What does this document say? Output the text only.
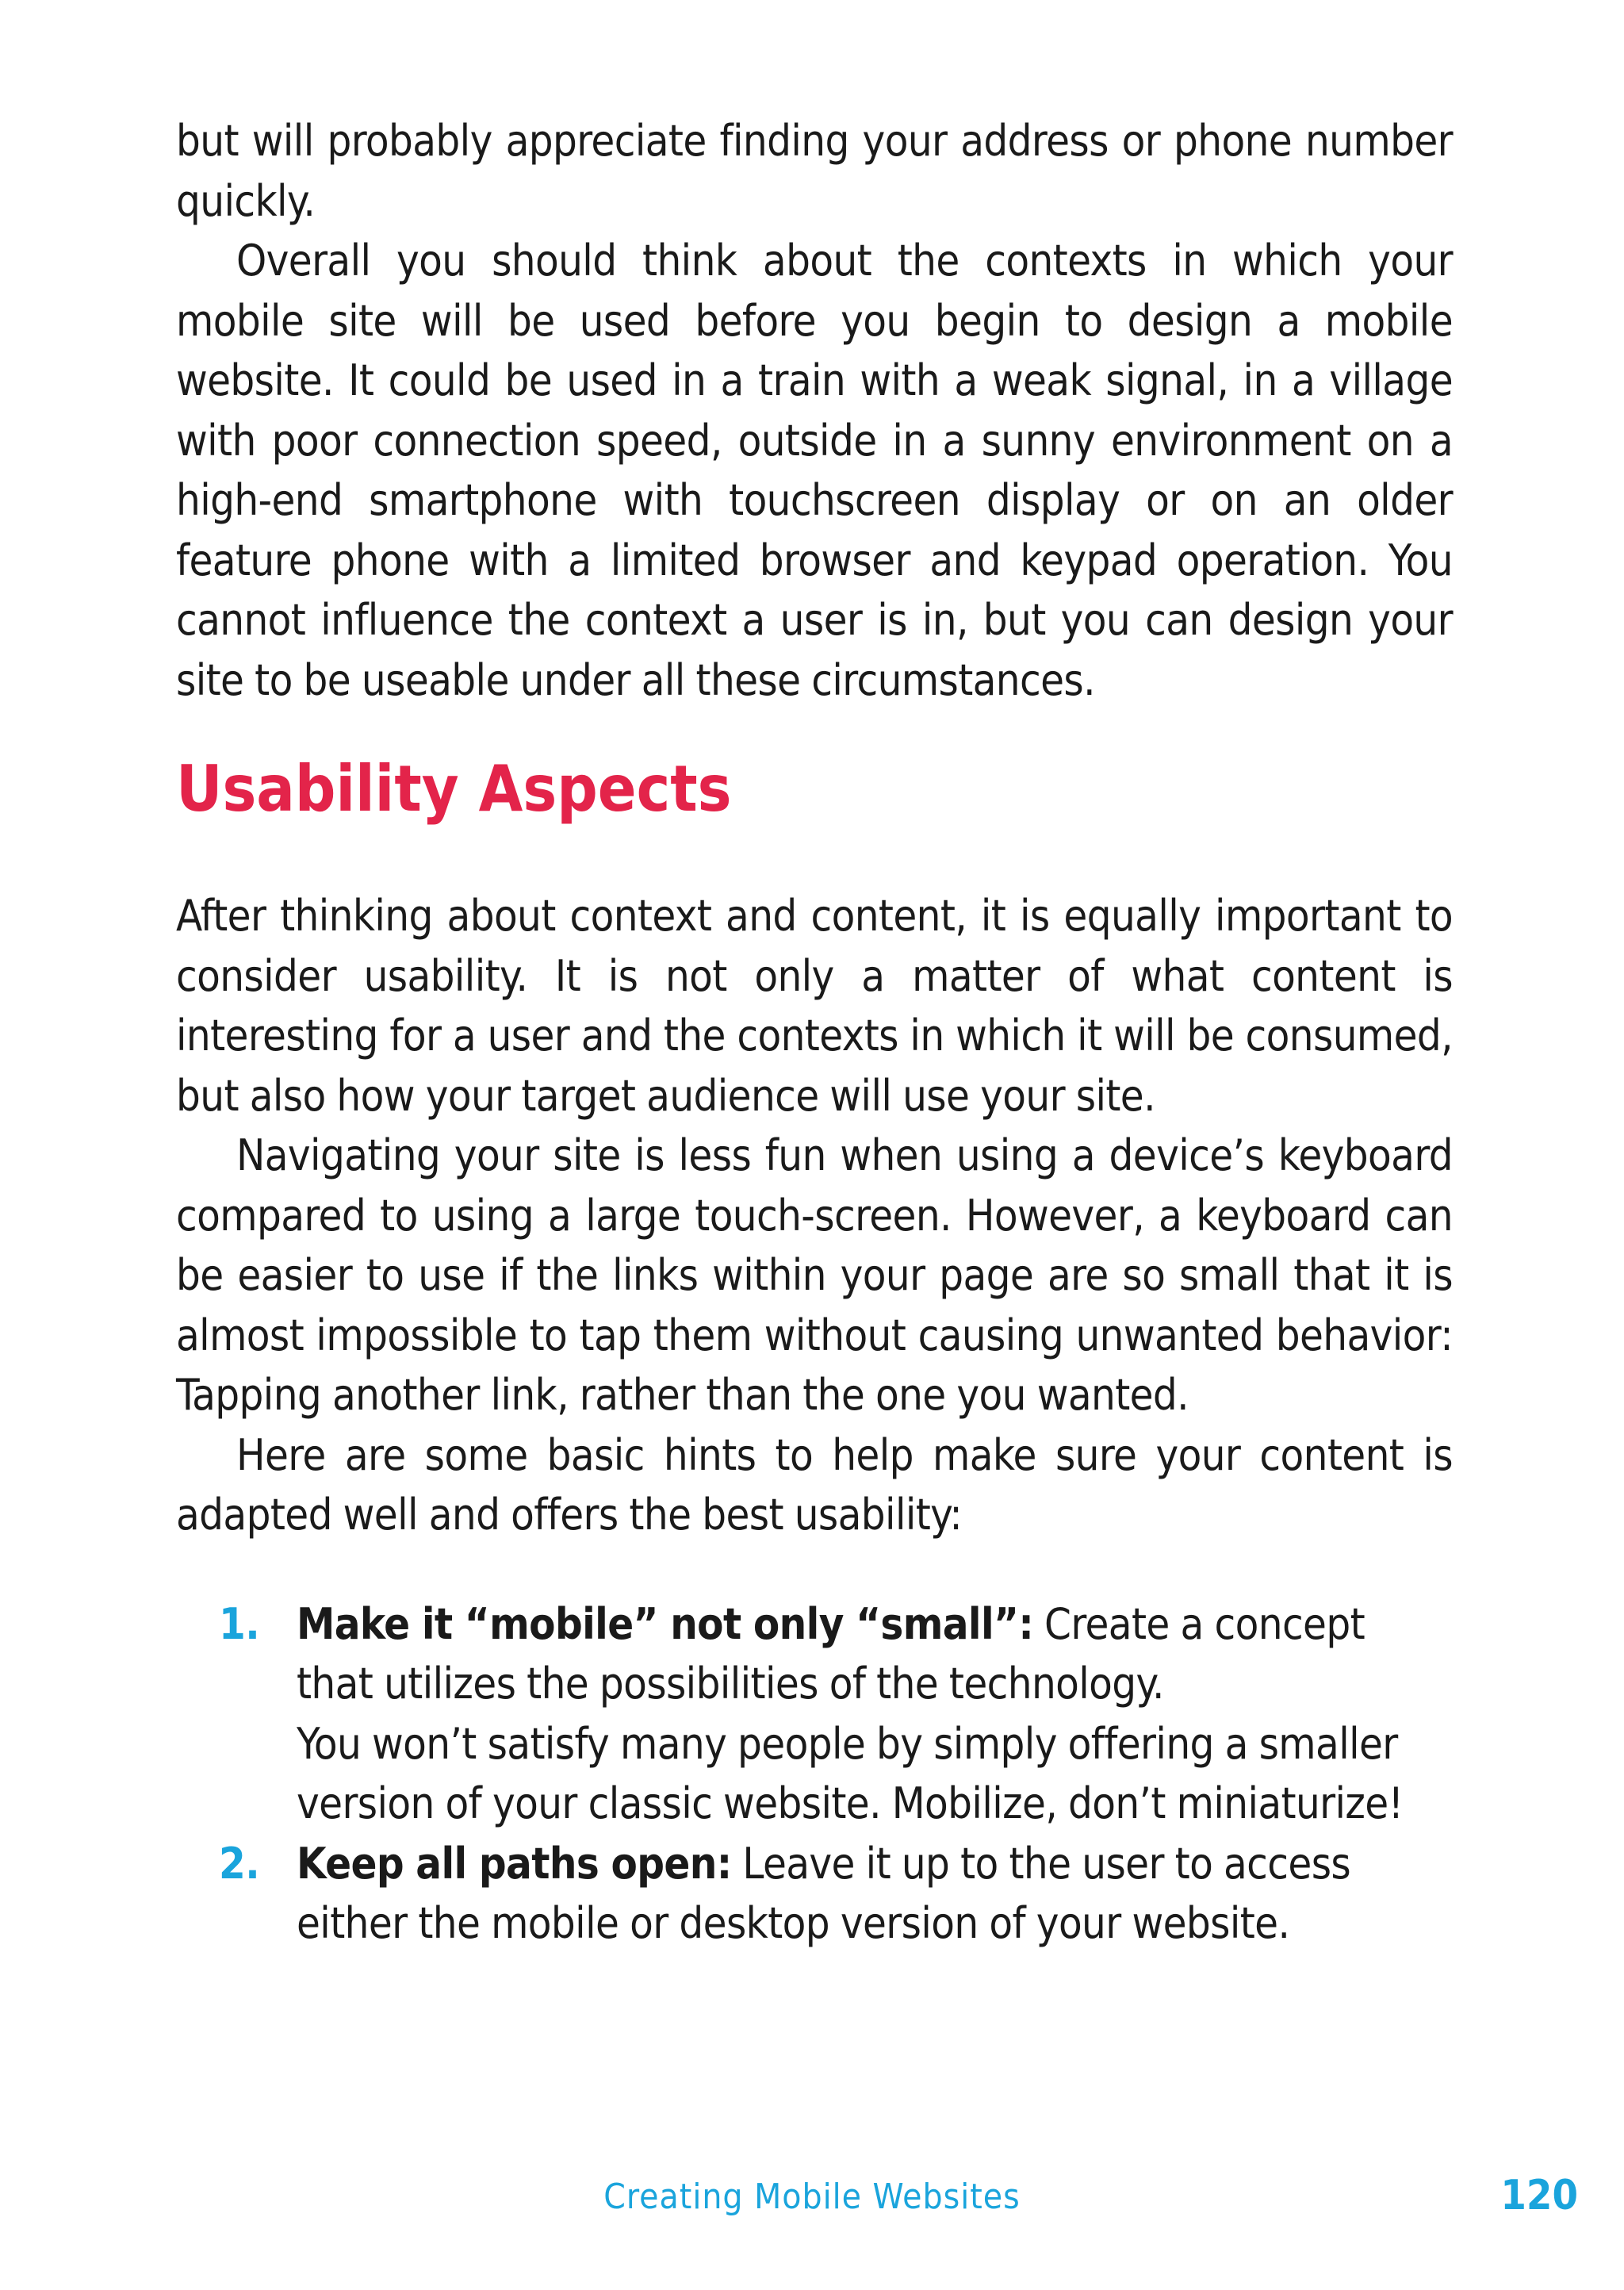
but will probably appreciate finding your address or phone number quickly.

Overall you should think about the contexts in which your mobile site will be used before you begin to design a mobile website. It could be used in a train with a weak signal, in a village with poor connection speed, outside in a sunny environment on a high-end smartphone with touchscreen display or on an older feature phone with a limited browser and keypad operation. You cannot influence the context a user is in, but you can design your site to be useable under all these circumstances.

Usability Aspects

After thinking about context and content, it is equally important to consider usability. It is not only a matter of what content is interesting for a user and the contexts in which it will be consumed, but also how your target audience will use your site.

Navigating your site is less fun when using a device’s keyboard compared to using a large touch-screen. However, a keyboard can be easier to use if the links within your page are so small that it is almost impossible to tap them without causing unwanted behavior: Tapping another link, rather than the one you wanted.

Here are some basic hints to help make sure your content is adapted well and offers the best usability:

1. Make it “mobile” not only “small”: Create a concept that utilizes the possibilities of the technology.
You won’t satisfy many people by simply offering a smaller version of your classic website. Mobilize, don’t miniaturize!
2. Keep all paths open: Leave it up to the user to access either the mobile or desktop version of your website.
Creating Mobile Websites	120
